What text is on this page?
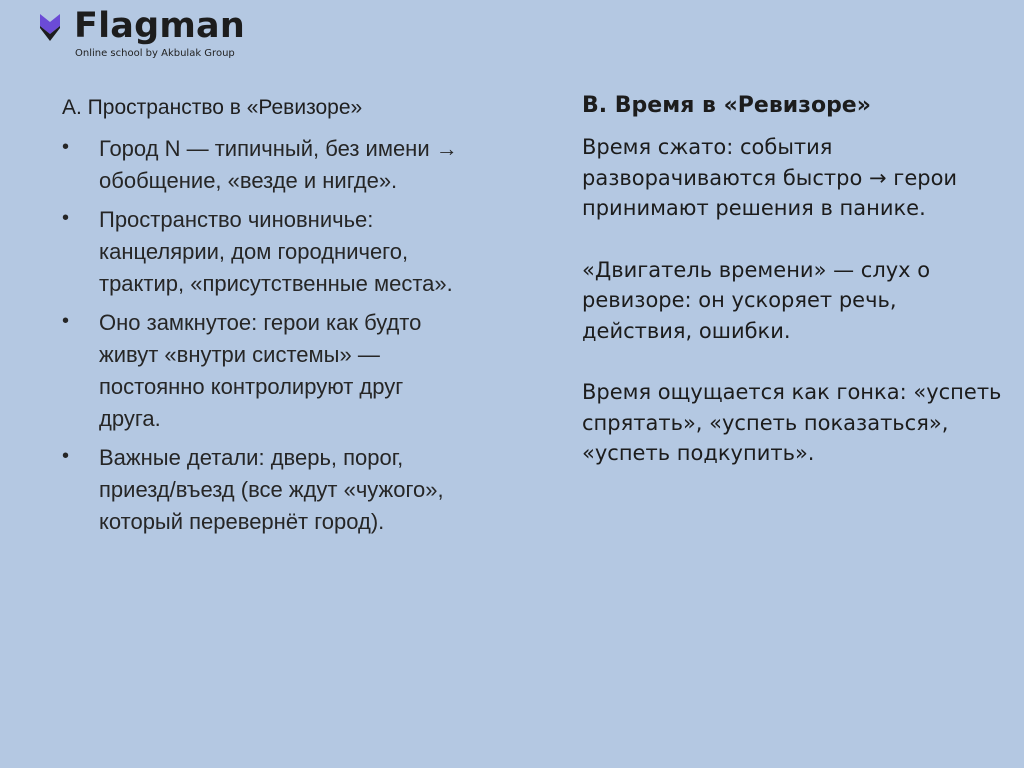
Flagman
Online school by Akbulak Group
А. Пространство в «Ревизоре»
• Город N — типичный, без имени → обобщение, «везде и нигде».
• Пространство чиновничье: канцелярии, дом городничего, трактир, «присутственные места».
• Оно замкнутое: герои как будто живут «внутри системы» — постоянно контролируют друг друга.
• Важные детали: дверь, порог, приезд/въезд (все ждут «чужого», который перевернёт город).
В. Время в «Ревизоре»

Время сжато: события разворачиваются быстро → герои принимают решения в панике.

«Двигатель времени» — слух о ревизоре: он ускоряет речь, действия, ошибки.

Время ощущается как гонка: «успеть спрятать», «успеть показаться», «успеть подкупить».
